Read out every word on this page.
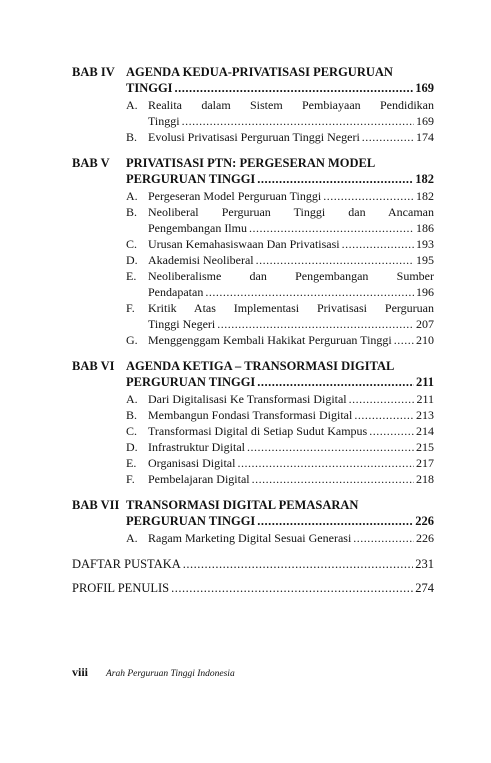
BAB IV AGENDA KEDUA-PRIVATISASI PERGURUAN
TINGGI .....	169
A. Realita dalam Sistem Pembiayaan Pendidikan
Tinggi .....	169
B. Evolusi Privatisasi Perguruan Tinggi Negeri .....	174
BAB V	PRIVATISASI PTN: PERGESERAN MODEL
PERGURUAN TINGGI .....	182
A. Pergeseran Model Perguruan Tinggi .....	182
B. Neoliberal Perguruan Tinggi dan Ancaman
Pengembangan Ilmu .....	186
C. Urusan Kemahasiswaan Dan Privatisasi .....	193
D. Akademisi Neoliberal .....	195
E. Neoliberalisme dan Pengembangan Sumber
Pendapatan .....	196
F.	Kritik Atas Implementasi Privatisasi Perguruan
Tinggi Negeri .....	207
G. Menggenggam Kembali Hakikat Perguruan Tinggi ..... 210
BAB VI AGENDA KETIGA – TRANSORMASI DIGITAL
PERGURUAN TINGGI .....	211
A. Dari Digitalisasi Ke Transformasi Digital .....	211
B. Membangun Fondasi Transformasi Digital .....	213
C. Transformasi Digital di Setiap Sudut Kampus .....	214
D. Infrastruktur Digital .....	215
E. Organisasi Digital .....	217
F.	Pembelajaran Digital .....	218
BAB VII TRANSORMASI DIGITAL PEMASARAN
PERGURUAN TINGGI .....	226
A. Ragam Marketing Digital Sesuai Generasi .....	226
DAFTAR PUSTAKA .....	231
PROFIL PENULIS .....	274
viii	Arah Perguruan Tinggi Indonesia
